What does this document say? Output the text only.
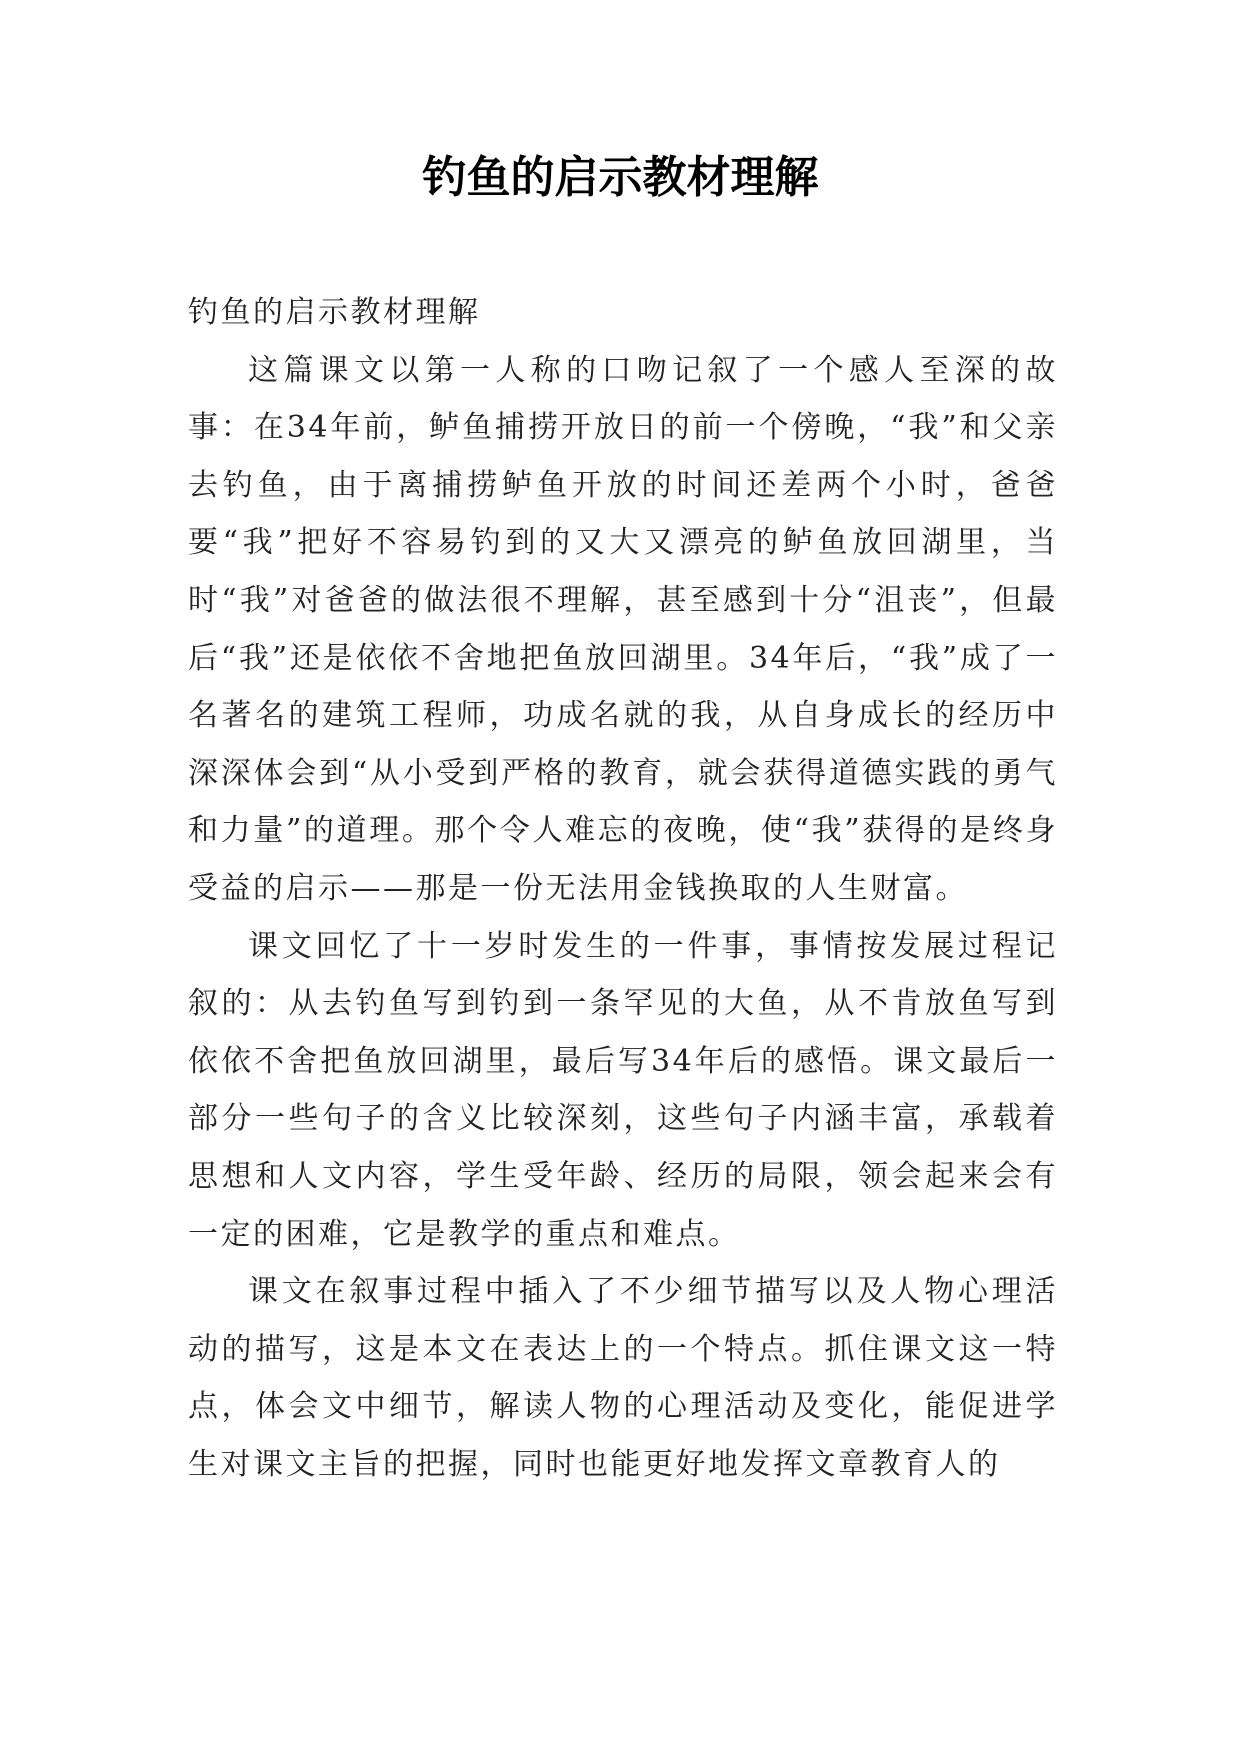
钓鱼的启示教材理解

钓鱼的启示教材理解

这篇课文以第一人称的口吻记叙了一个感人至深的故事：在34年前，鲈鱼捕捞开放日的前一个傍晚，“我”和父亲去钓鱼，由于离捕捞鲈鱼开放的时间还差两个小时，爸爸要“我”把好不容易钓到的又大又漂亮的鲈鱼放回湖里，当时“我”对爸爸的做法很不理解，甚至感到十分“沮丧”，但最后“我”还是依依不舍地把鱼放回湖里。34年后，“我”成了一名著名的建筑工程师，功成名就的我，从自身成长的经历中深深体会到“从小受到严格的教育，就会获得道德实践的勇气和力量”的道理。那个令人难忘的夜晚，使“我”获得的是终身受益的启示——那是一份无法用金钱换取的人生财富。

课文回忆了十一岁时发生的一件事，事情按发展过程记叙的：从去钓鱼写到钓到一条罕见的大鱼，从不肯放鱼写到依依不舍把鱼放回湖里，最后写34年后的感悟。课文最后一部分一些句子的含义比较深刻，这些句子内涵丰富，承载着思想和人文内容，学生受年龄、经历的局限，领会起来会有一定的困难，它是教学的重点和难点。

课文在叙事过程中插入了不少细节描写以及人物心理活动的描写，这是本文在表达上的一个特点。抓住课文这一特点，体会文中细节，解读人物的心理活动及变化，能促进学生对课文主旨的把握，同时也能更好地发挥文章教育人的
